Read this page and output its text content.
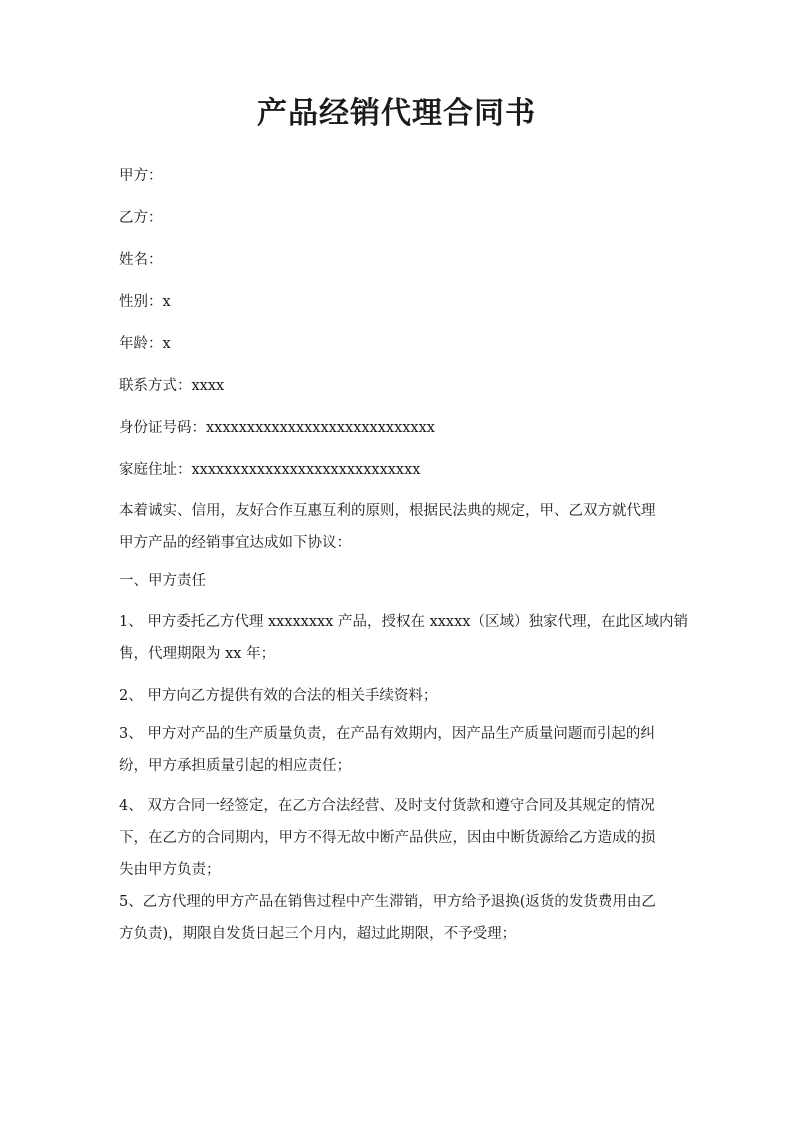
产品经销代理合同书
甲方：
乙方：
姓名：
性别：x
年龄：x
联系方式：xxxx
身份证号码：xxxxxxxxxxxxxxxxxxxxxxxxxxxx
家庭住址：xxxxxxxxxxxxxxxxxxxxxxxxxxxx
本着诚实、信用，友好合作互惠互利的原则，根据民法典的规定，甲、乙双方就代理
甲方产品的经销事宜达成如下协议：
一、甲方责任
1、 甲方委托乙方代理 xxxxxxxx 产品，授权在 xxxxx（区域）独家代理，在此区域内销
售，代理期限为 xx 年；
2、 甲方向乙方提供有效的合法的相关手续资料；
3、 甲方对产品的生产质量负责，在产品有效期内，因产品生产质量问题而引起的纠
纷，甲方承担质量引起的相应责任；
4、 双方合同一经签定，在乙方合法经营、及时支付货款和遵守合同及其规定的情况
下，在乙方的合同期内，甲方不得无故中断产品供应，因由中断货源给乙方造成的损
失由甲方负责；
5、乙方代理的甲方产品在销售过程中产生滞销，甲方给予退换(返货的发货费用由乙
方负责)，期限自发货日起三个月内，超过此期限，不予受理；
